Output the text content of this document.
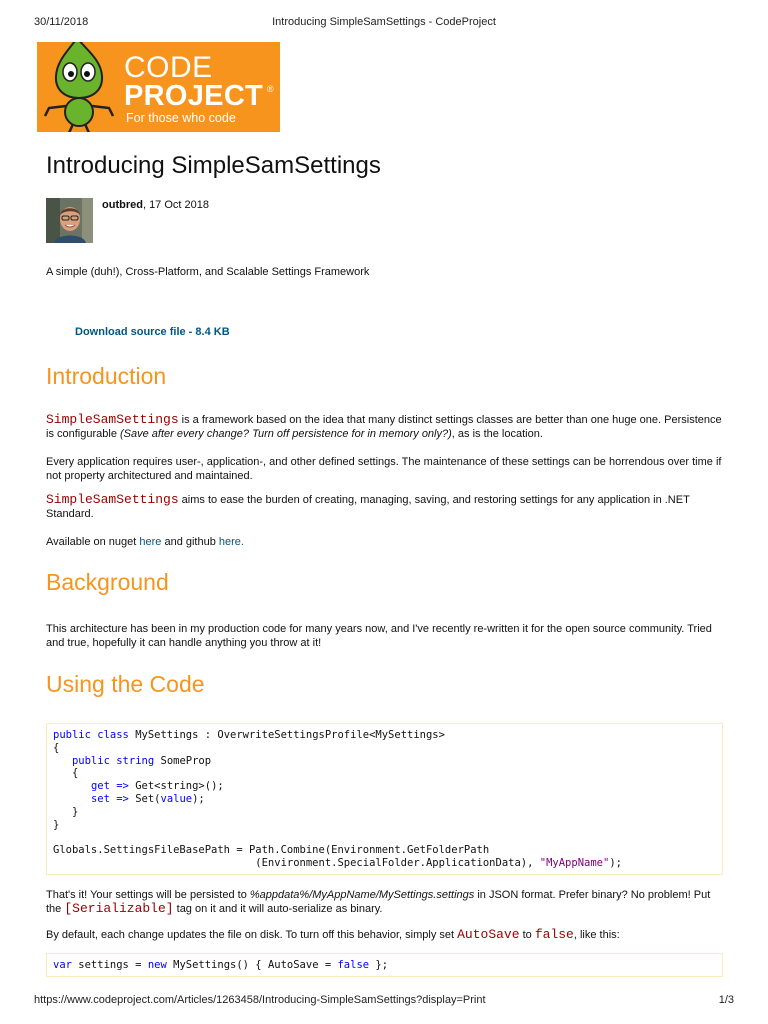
30/11/2018	Introducing SimpleSamSettings - CodeProject
CODE
PROJECT ®
For those who code
Introducing SimpleSamSettings
outbred, 17 Oct 2018
A simple (duh!), Cross-Platform, and Scalable Settings Framework
Download source file - 8.4 KB
Introduction

SimpleSamSettings is a framework based on the idea that many distinct settings classes are better than one huge one. Persistence is configurable (Save after every change? Turn off persistence for in memory only?), as is the location.

Every application requires user-, application-, and other defined settings. The maintenance of these settings can be horrendous over time if not property architectured and maintained.

SimpleSamSettings aims to ease the burden of creating, managing, saving, and restoring settings for any application in .NET Standard.

Available on nuget here and github here.

Background

This architecture has been in my production code for many years now, and I've recently re-written it for the open source community. Tried and true, hopefully it can handle anything you throw at it!

Using the Code
public class MySettings : OverwriteSettingsProfile<MySettings>
{
public string SomeProp
{
get => Get<string>();
set => Set(value);
}
}

Globals.SettingsFileBasePath = Path.Combine(Environment.GetFolderPath
(Environment.SpecialFolder.ApplicationData), "MyAppName");

That's it! Your settings will be persisted to %appdata%/MyAppName/MySettings.settings in JSON format. Prefer binary? No problem! Put the [Serializable] tag on it and it will auto-serialize as binary.

By default, each change updates the file on disk. To turn off this behavior, simply set AutoSave to false, like this:

var settings = new MySettings() { AutoSave = false };
https://www.codeproject.com/Articles/1263458/Introducing-SimpleSamSettings?display=Print	1/3
